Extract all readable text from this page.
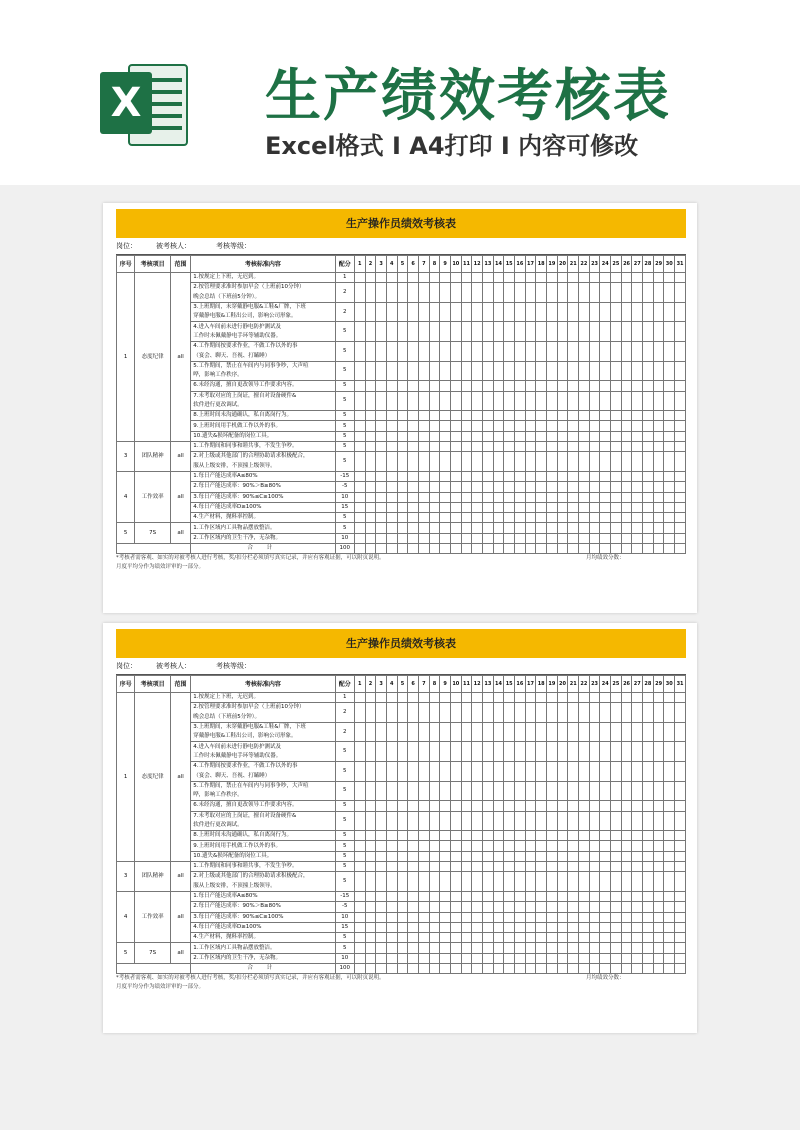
X 生产绩效考核表
Excel格式 I A4打印 I 内容可修改
生产操作员绩效考核表
岗位：	被考核人：	考核等级：
序号	考核项目	范围	考核标准内容	配分	1	2	3	4	5	6	7	8	9	10	11	12	13	14	15	16	17	18	19	20	21	22	23	24	25	26	27	28	29	30	31
1	态度纪律	all	1.按规定上下班，无迟到。	1																															
			2.按管理要求准时参加早会（上班前10分钟）	2																															
			晚会总结（下班前5分钟）。																																
			3.上班期间，未穿戴静电服&工鞋&厂牌，下班	2																															
			穿戴静电服&工鞋出公司，影响公司形象。																																
			4.进入车间前未进行静电防护测试及	5																															
			工作时未佩戴静电手环等辅助仪器。																																
			4.工作期间按要求作业，不做工作以外的事	5																															
			（宴会、聊天、吾视、打瞌睡）																																
			5.工作期间，禁止在车间内与同事争吵，大声喧	5																															
			哗，影响工作秩序。																																
			6.未经沟通，擅自更改领导工作要求内容。	5																															
			7.未考取对应的上岗证，擅自对设备硬件&	5																															
			软件进行更改调试。																																
			8.上班时间未沟通确认，私自离岗行为。	5																															
			9.上班时间用手机做工作以外的事。	5																															
			10.遗失&损坏配备的岗位工具。	5																															
3	团队精神	all	1.工作期间和同事和睦共事，不发生争吵。	5																															
			2.对上级或其他部门的合理协助请求积极配合，	5																															
			服从上级安排，不顶撞上级领导。																																
4	工作效率	all	1.每日产能达成率A≤80%	-15																															
			2.每日产能达成率：90%＞B≥80%	-5																															
			3.每日产能达成率：90%≤C≥100%	10																															
			4.每日产能达成率D≥100%	15																															
			4.生产材料，抛料率控制。	5																															
5	7S	all	1.工作区域内工具物品摆放整洁。	5																															
			2.工作区域内的卫生干净，无杂物。	10																															
			合 计	100																															
*考核者需客观、如实的对被考核人进行考核，奖/扣分栏必须填写真实记录，并应有客观证据，可以附页说明。	月均绩效分数：
月度平均分作为绩效评审的一部分。
生产操作员绩效考核表
岗位：	被考核人：	考核等级：
序号	考核项目	范围	考核标准内容	配分	1	2	3	4	5	6	7	8	9	10	11	12	13	14	15	16	17	18	19	20	21	22	23	24	25	26	27	28	29	30	31
1	态度纪律	all	1.按规定上下班，无迟到。	1																															
			2.按管理要求准时参加早会（上班前10分钟）	2																															
			晚会总结（下班前5分钟）。																																
			3.上班期间，未穿戴静电服&工鞋&厂牌，下班	2																															
			穿戴静电服&工鞋出公司，影响公司形象。																																
			4.进入车间前未进行静电防护测试及	5																															
			工作时未佩戴静电手环等辅助仪器。																																
			4.工作期间按要求作业，不做工作以外的事	5																															
			（宴会、聊天、吾视、打瞌睡）																																
			5.工作期间，禁止在车间内与同事争吵，大声喧	5																															
			哗，影响工作秩序。																																
			6.未经沟通，擅自更改领导工作要求内容。	5																															
			7.未考取对应的上岗证，擅自对设备硬件&	5																															
			软件进行更改调试。																																
			8.上班时间未沟通确认，私自离岗行为。	5																															
			9.上班时间用手机做工作以外的事。	5																															
			10.遗失&损坏配备的岗位工具。	5																															
3	团队精神	all	1.工作期间和同事和睦共事，不发生争吵。	5																															
			2.对上级或其他部门的合理协助请求积极配合，	5																															
			服从上级安排，不顶撞上级领导。																																
4	工作效率	all	1.每日产能达成率A≤80%	-15																															
			2.每日产能达成率：90%＞B≥80%	-5																															
			3.每日产能达成率：90%≤C≥100%	10																															
			4.每日产能达成率D≥100%	15																															
			4.生产材料，抛料率控制。	5																															
5	7S	all	1.工作区域内工具物品摆放整洁。	5																															
			2.工作区域内的卫生干净，无杂物。	10																															
			合 计	100																															
*考核者需客观、如实的对被考核人进行考核，奖/扣分栏必须填写真实记录，并应有客观证据，可以附页说明。	月均绩效分数：
月度平均分作为绩效评审的一部分。
